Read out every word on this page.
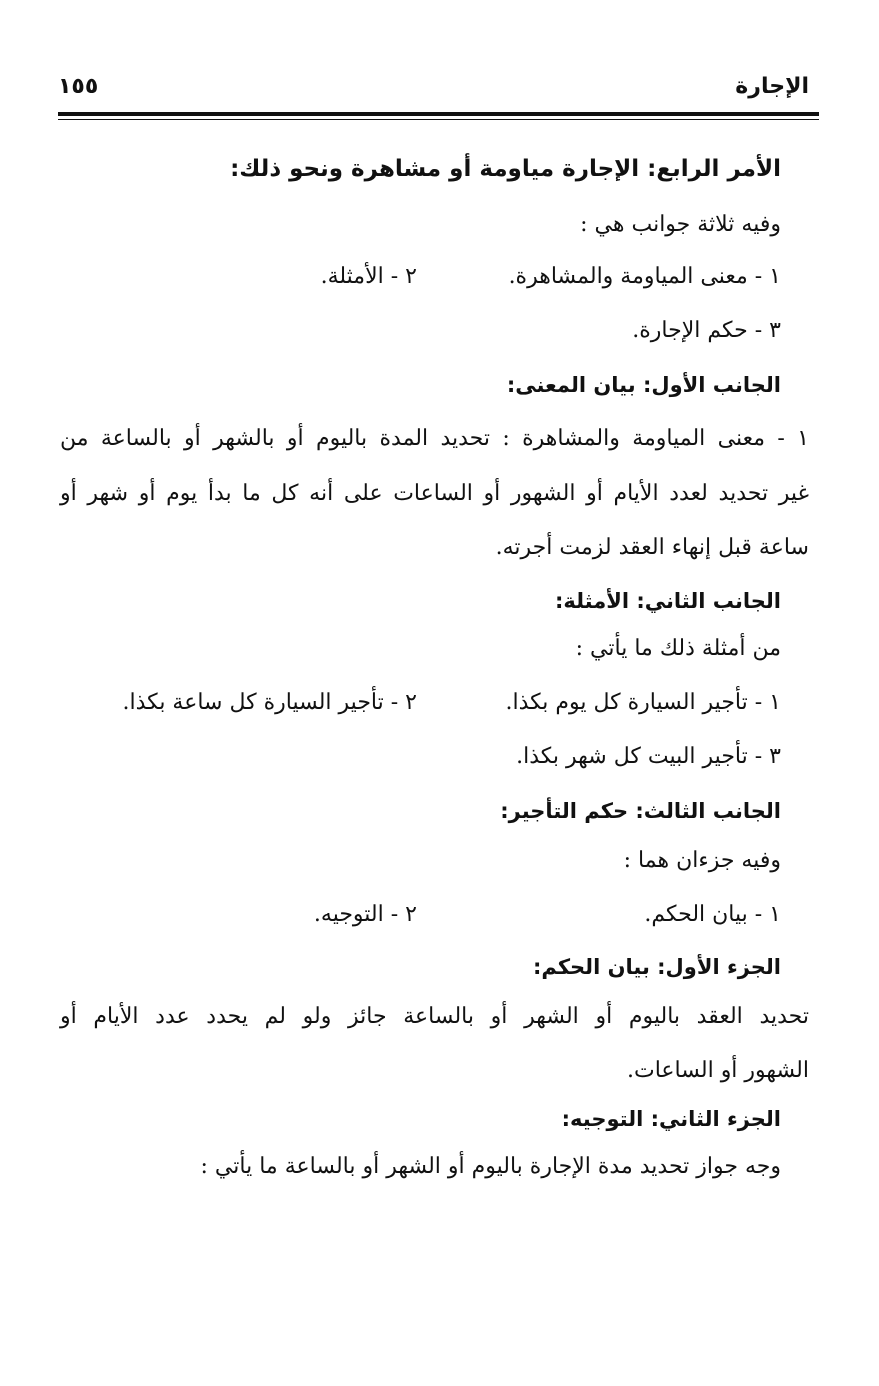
الإجارة
١٥٥
الأمر الرابع: الإجارة مياومة أو مشاهرة ونحو ذلك:
وفيه ثلاثة جوانب هي :
١ - معنى المياومة والمشاهرة.
٢ - الأمثلة.
٣ - حكم الإجارة.
الجانب الأول: بيان المعنى:
١ - معنى المياومة والمشاهرة : تحديد المدة باليوم أو بالشهر أو بالساعة من
غير تحديد لعدد الأيام أو الشهور أو الساعات على أنه كل ما بدأ يوم أو شهر أو
ساعة قبل إنهاء العقد لزمت أجرته.
الجانب الثاني: الأمثلة:
من أمثلة ذلك ما يأتي :
١ - تأجير السيارة كل يوم بكذا.
٢ - تأجير السيارة كل ساعة بكذا.
٣ - تأجير البيت كل شهر بكذا.
الجانب الثالث: حكم التأجير:
وفيه جزءان هما :
١ - بيان الحكم.
٢ - التوجيه.
الجزء الأول: بيان الحكم:
تحديد العقد باليوم أو الشهر أو بالساعة جائز ولو لم يحدد عدد الأيام أو
الشهور أو الساعات.
الجزء الثاني: التوجيه:
وجه جواز تحديد مدة الإجارة باليوم أو الشهر أو بالساعة ما يأتي :
